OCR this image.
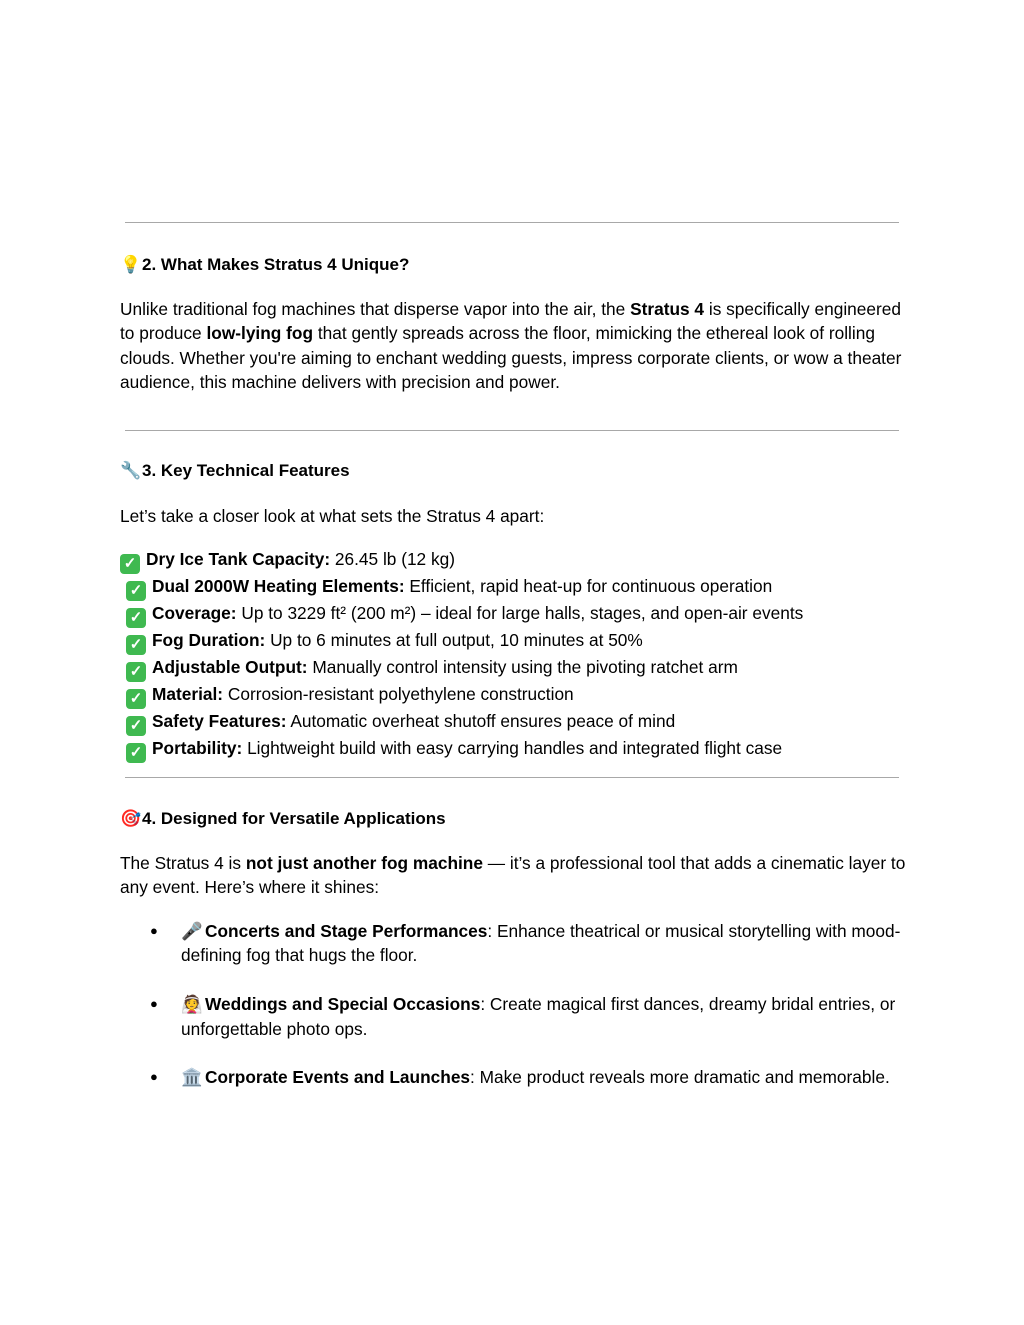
💡2. What Makes Stratus 4 Unique?
Unlike traditional fog machines that disperse vapor into the air, the Stratus 4 is specifically engineered to produce low-lying fog that gently spreads across the floor, mimicking the ethereal look of rolling clouds. Whether you're aiming to enchant wedding guests, impress corporate clients, or wow a theater audience, this machine delivers with precision and power.
🔧3. Key Technical Features
Let’s take a closer look at what sets the Stratus 4 apart:
✓ Dry Ice Tank Capacity: 26.45 lb (12 kg)
✓ Dual 2000W Heating Elements: Efficient, rapid heat-up for continuous operation
✓ Coverage: Up to 3229 ft² (200 m²) – ideal for large halls, stages, and open-air events
✓ Fog Duration: Up to 6 minutes at full output, 10 minutes at 50%
✓ Adjustable Output: Manually control intensity using the pivoting ratchet arm
✓ Material: Corrosion-resistant polyethylene construction
✓ Safety Features: Automatic overheat shutoff ensures peace of mind
✓ Portability: Lightweight build with easy carrying handles and integrated flight case
🎯4. Designed for Versatile Applications
The Stratus 4 is not just another fog machine — it’s a professional tool that adds a cinematic layer to any event. Here’s where it shines:
● 🎤 Concerts and Stage Performances: Enhance theatrical or musical storytelling with mood-defining fog that hugs the floor.
● 👰 Weddings and Special Occasions: Create magical first dances, dreamy bridal entries, or unforgettable photo ops.
● 🏛️ Corporate Events and Launches: Make product reveals more dramatic and memorable.
